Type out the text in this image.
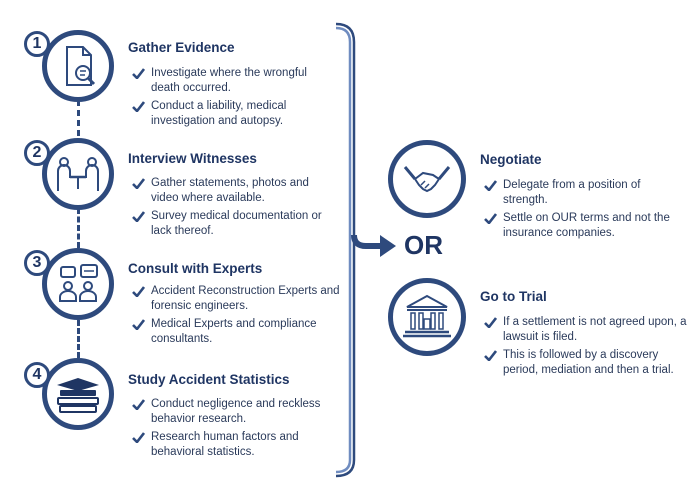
1	Gather Evidence
Investigate where the wrongful death occurred.
Conduct a liability, medical investigation and autopsy.
2	Interview Witnesses
Gather statements, photos and video where available.
Survey medical documentation or lack thereof.
3	Consult with Experts
Accident Reconstruction Experts and forensic engineers.
Medical Experts and compliance consultants.
4	Study Accident Statistics
Conduct negligence and reckless behavior research.
Research human factors and behavioral statistics.
OR
Negotiate
Delegate from a position of strength.
Settle on OUR terms and not the insurance companies.
Go to Trial
If a settlement is not agreed upon, a lawsuit is filed.
This is followed by a discovery period, mediation and then a trial.
